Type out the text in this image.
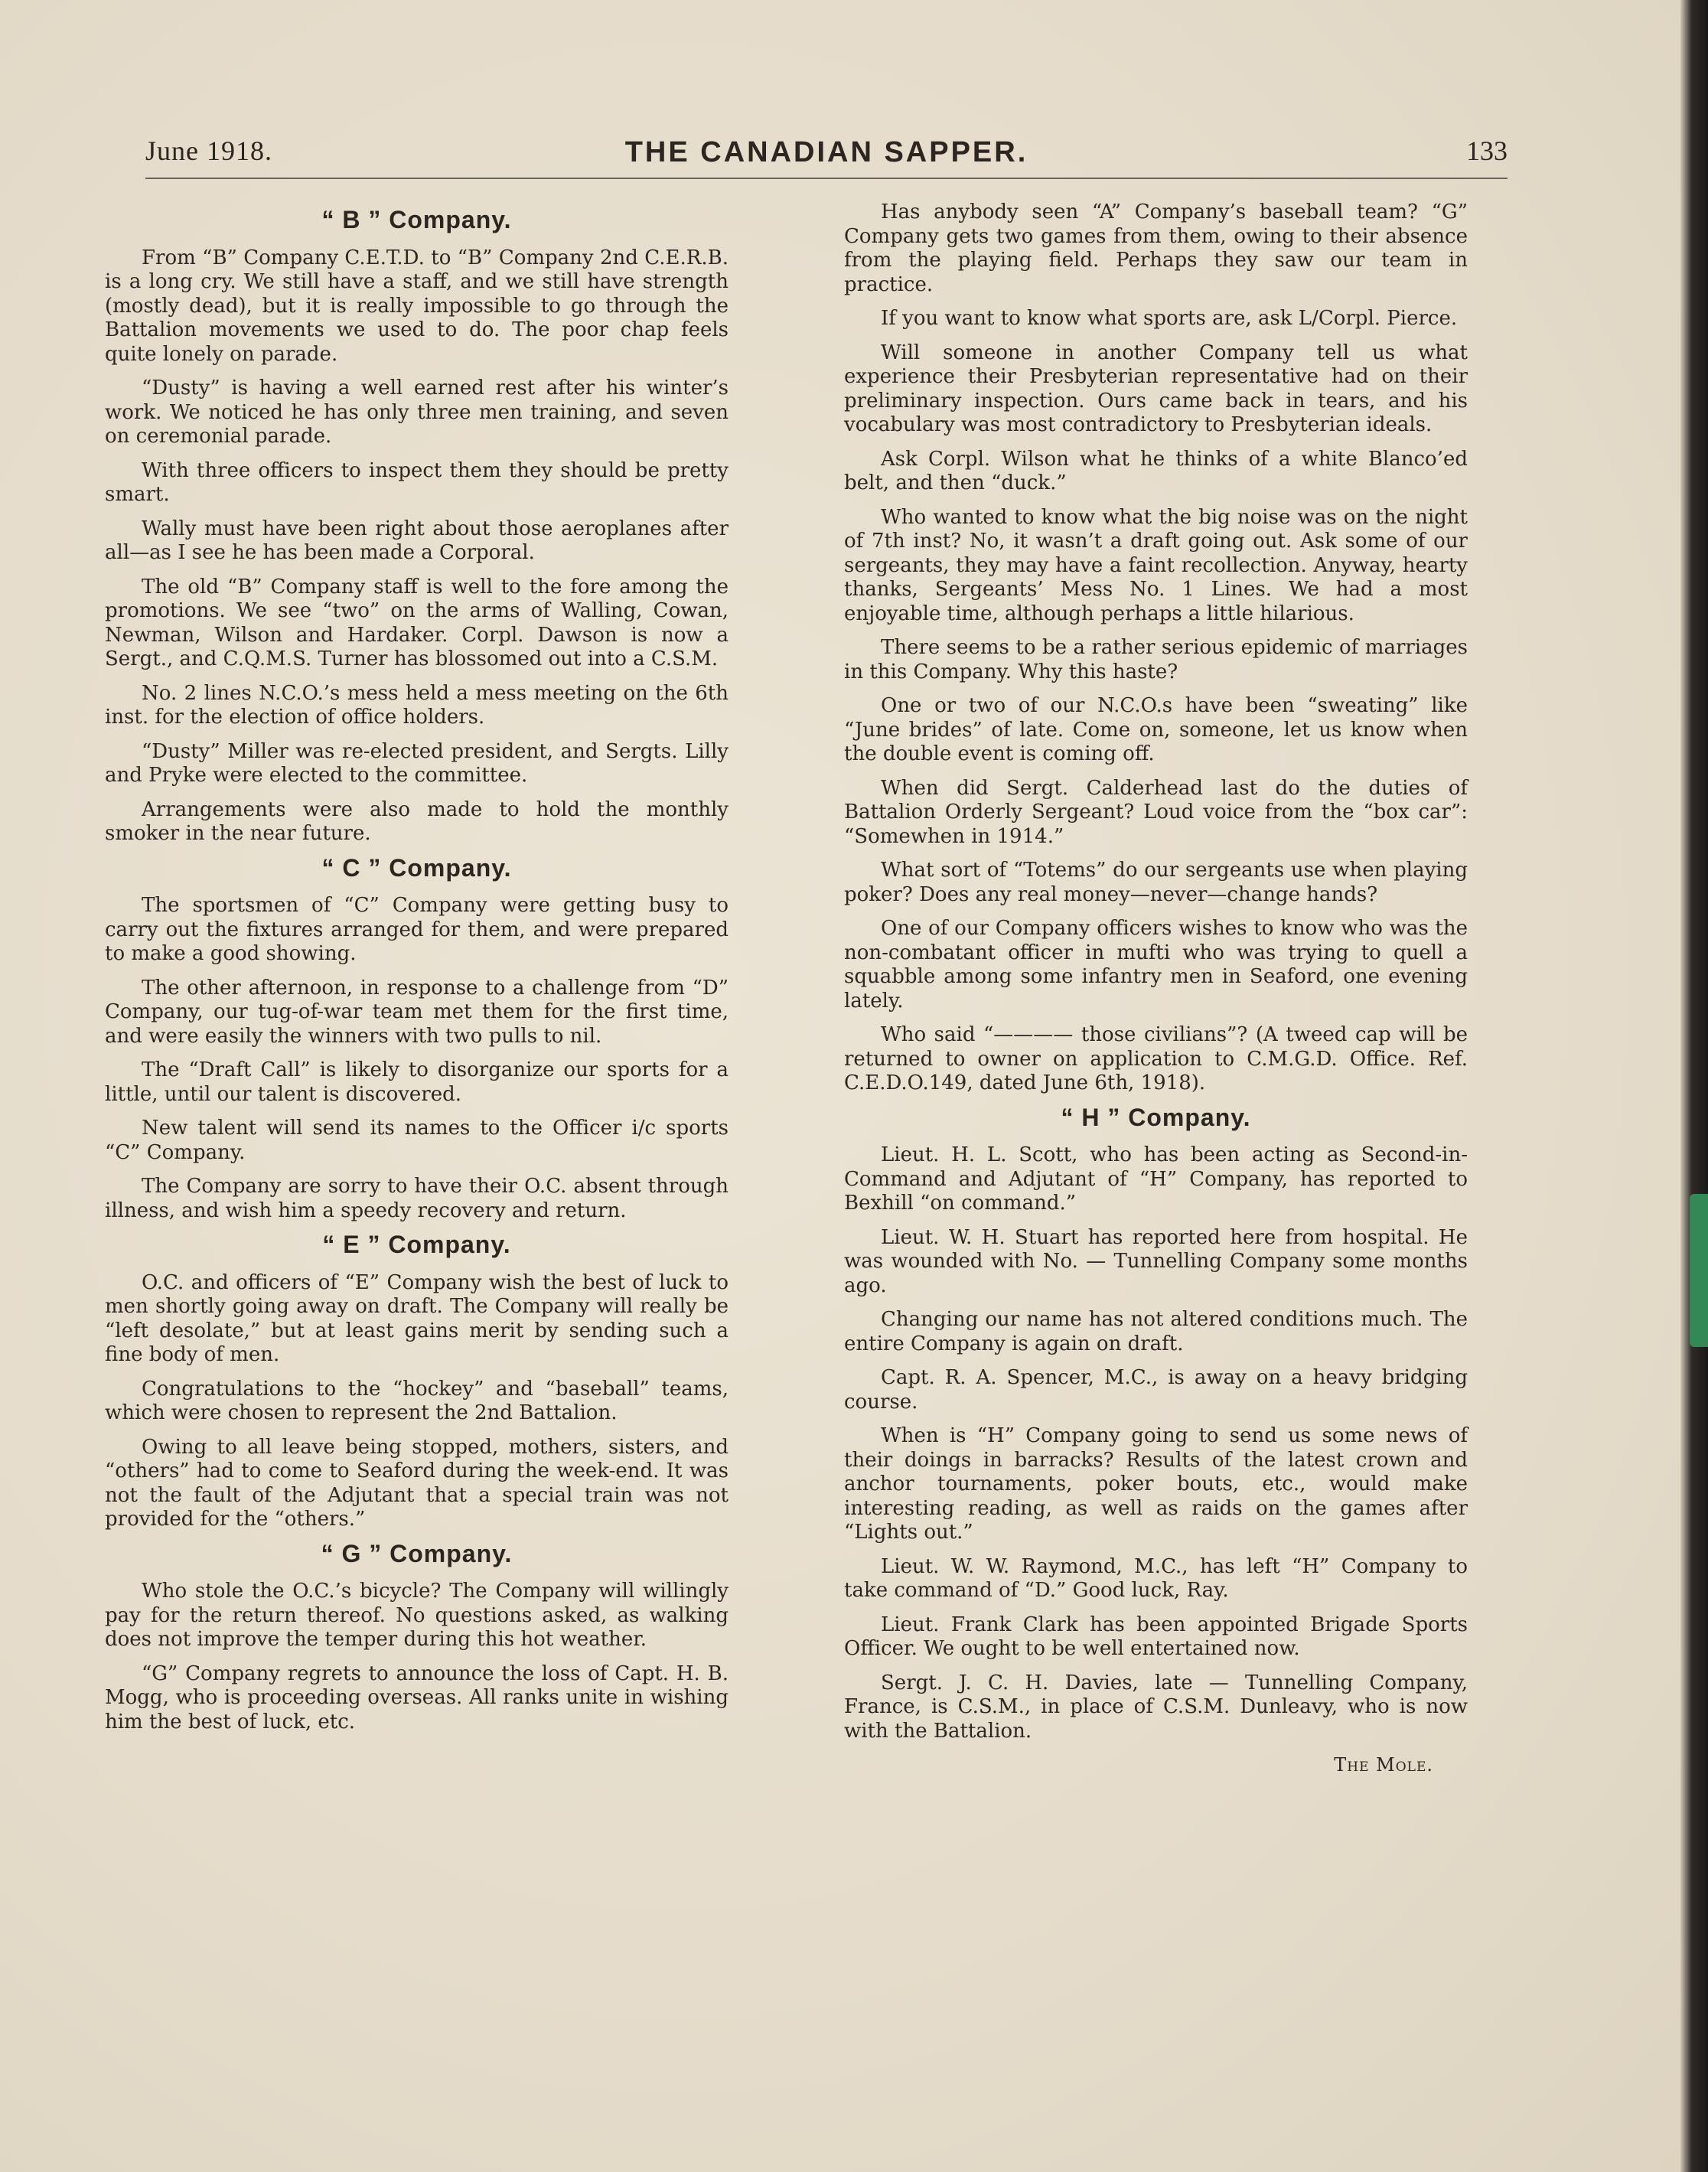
June 1918.	THE CANADIAN SAPPER.	133
“ B ” Company.

From “B” Company C.E.T.D. to “B” Company 2nd C.E.R.B. is a long cry. We still have a staff, and we still have strength (mostly dead), but it is really impossible to go through the Battalion movements we used to do. The poor chap feels quite lonely on parade.

“Dusty” is having a well earned rest after his winter’s work. We noticed he has only three men training, and seven on ceremonial parade.

With three officers to inspect them they should be pretty smart.

Wally must have been right about those aeroplanes after all—as I see he has been made a Corporal.

The old “B” Company staff is well to the fore among the promotions. We see “two” on the arms of Walling, Cowan, Newman, Wilson and Hardaker. Corpl. Dawson is now a Sergt., and C.Q.M.S. Turner has blossomed out into a C.S.M.

No. 2 lines N.C.O.’s mess held a mess meeting on the 6th inst. for the election of office holders.

“Dusty” Miller was re-elected president, and Sergts. Lilly and Pryke were elected to the committee.

Arrangements were also made to hold the monthly smoker in the near future.

“ C ” Company.

The sportsmen of “C” Company were getting busy to carry out the fixtures arranged for them, and were prepared to make a good showing.

The other afternoon, in response to a challenge from “D” Company, our tug-of-war team met them for the first time, and were easily the winners with two pulls to nil.

The “Draft Call” is likely to disorganize our sports for a little, until our talent is discovered.

New talent will send its names to the Officer i/c sports “C” Company.

The Company are sorry to have their O.C. absent through illness, and wish him a speedy recovery and return.

“ E ” Company.

O.C. and officers of “E” Company wish the best of luck to men shortly going away on draft. The Company will really be “left desolate,” but at least gains merit by sending such a fine body of men.

Congratulations to the “hockey” and “baseball” teams, which were chosen to represent the 2nd Battalion.

Owing to all leave being stopped, mothers, sisters, and “others” had to come to Seaford during the week-end. It was not the fault of the Adjutant that a special train was not provided for the “others.”

“ G ” Company.

Who stole the O.C.’s bicycle? The Company will willingly pay for the return thereof. No questions asked, as walking does not improve the temper during this hot weather.

“G” Company regrets to announce the loss of Capt. H. B. Mogg, who is proceeding overseas. All ranks unite in wishing him the best of luck, etc.

Has anybody seen “A” Company’s baseball team? “G” Company gets two games from them, owing to their absence from the playing field. Perhaps they saw our team in practice.

If you want to know what sports are, ask L/Corpl. Pierce.

Will someone in another Company tell us what experience their Presbyterian representative had on their preliminary inspection. Ours came back in tears, and his vocabulary was most contradictory to Presbyterian ideals.

Ask Corpl. Wilson what he thinks of a white Blanco’ed belt, and then “duck.”

Who wanted to know what the big noise was on the night of 7th inst? No, it wasn’t a draft going out. Ask some of our sergeants, they may have a faint recollection. Anyway, hearty thanks, Sergeants’ Mess No. 1 Lines. We had a most enjoyable time, although perhaps a little hilarious.

There seems to be a rather serious epidemic of marriages in this Company. Why this haste?

One or two of our N.C.O.s have been “sweating” like “June brides” of late. Come on, someone, let us know when the double event is coming off.

When did Sergt. Calderhead last do the duties of Battalion Orderly Sergeant? Loud voice from the “box car”: “Somewhen in 1914.”

What sort of “Totems” do our sergeants use when playing poker? Does any real money—never—change hands?

One of our Company officers wishes to know who was the non-combatant officer in mufti who was trying to quell a squabble among some infantry men in Seaford, one evening lately.

Who said “———— those civilians”? (A tweed cap will be returned to owner on application to C.M.G.D. Office. Ref. C.E.D.O.149, dated June 6th, 1918).

“ H ” Company.

Lieut. H. L. Scott, who has been acting as Second-in-Command and Adjutant of “H” Company, has reported to Bexhill “on command.”

Lieut. W. H. Stuart has reported here from hospital. He was wounded with No. — Tunnelling Company some months ago.

Changing our name has not altered conditions much. The entire Company is again on draft.

Capt. R. A. Spencer, M.C., is away on a heavy bridging course.

When is “H” Company going to send us some news of their doings in barracks? Results of the latest crown and anchor tournaments, poker bouts, etc., would make interesting reading, as well as raids on the games after “Lights out.”

Lieut. W. W. Raymond, M.C., has left “H” Company to take command of “D.” Good luck, Ray.

Lieut. Frank Clark has been appointed Brigade Sports Officer. We ought to be well entertained now.

Sergt. J. C. H. Davies, late — Tunnelling Company, France, is C.S.M., in place of C.S.M. Dunleavy, who is now with the Battalion.

The Mole.
